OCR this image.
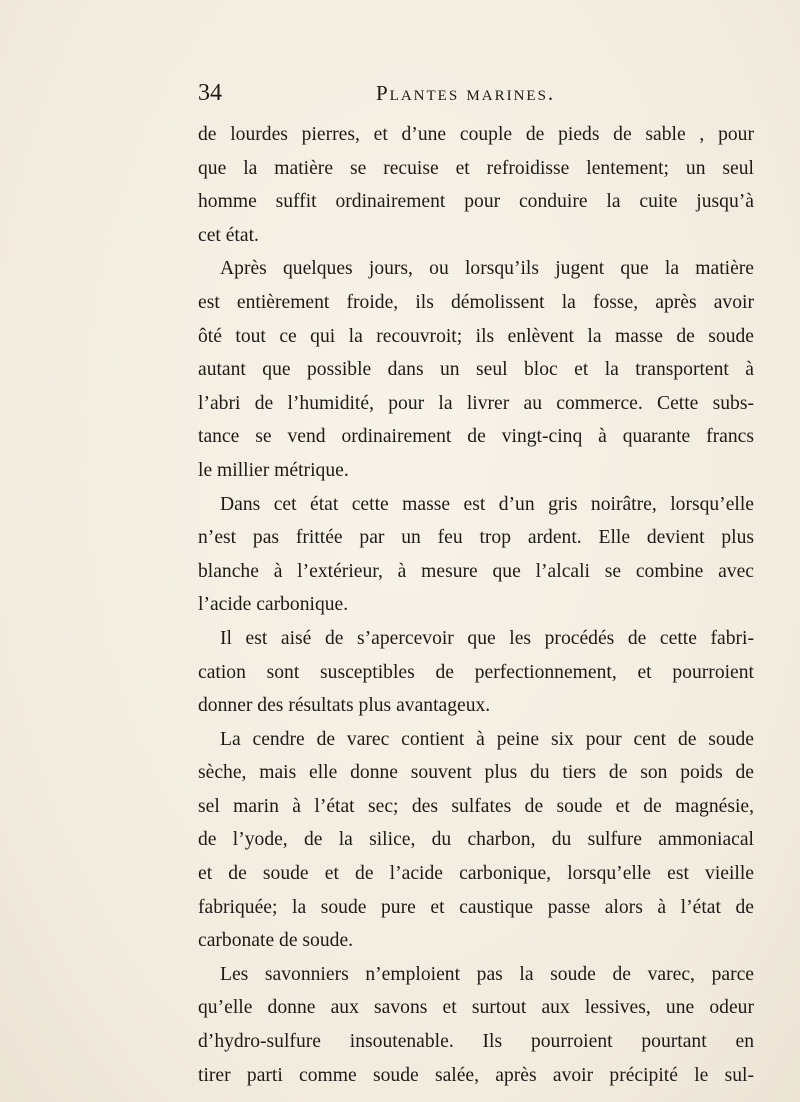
34	Plantes marines.
de lourdes pierres, et d’une couple de pieds de sable , pour
que la matière se recuise et refroidisse lentement; un seul
homme suffit ordinairement pour conduire la cuite jusqu’à
cet état.
Après quelques jours, ou lorsqu’ils jugent que la matière
est entièrement froide, ils démolissent la fosse, après avoir
ôté tout ce qui la recouvroit; ils enlèvent la masse de soude
autant que possible dans un seul bloc et la transportent à
l’abri de l’humidité, pour la livrer au commerce. Cette subs-
tance se vend ordinairement de vingt-cinq à quarante francs
le millier métrique.
Dans cet état cette masse est d’un gris noirâtre, lorsqu’elle
n’est pas frittée par un feu trop ardent. Elle devient plus
blanche à l’extérieur, à mesure que l’alcali se combine avec
l’acide carbonique.
Il est aisé de s’apercevoir que les procédés de cette fabri-
cation sont susceptibles de perfectionnement, et pourroient
donner des résultats plus avantageux.
La cendre de varec contient à peine six pour cent de soude
sèche, mais elle donne souvent plus du tiers de son poids de
sel marin à l’état sec; des sulfates de soude et de magnésie,
de l’yode, de la silice, du charbon, du sulfure ammoniacal
et de soude et de l’acide carbonique, lorsqu’elle est vieille
fabriquée; la soude pure et caustique passe alors à l’état de
carbonate de soude.
Les savonniers n’emploient pas la soude de varec, parce
qu’elle donne aux savons et surtout aux lessives, une odeur
d’hydro-sulfure insoutenable. Ils pourroient pourtant en
tirer parti comme soude salée, après avoir précipité le sul-
